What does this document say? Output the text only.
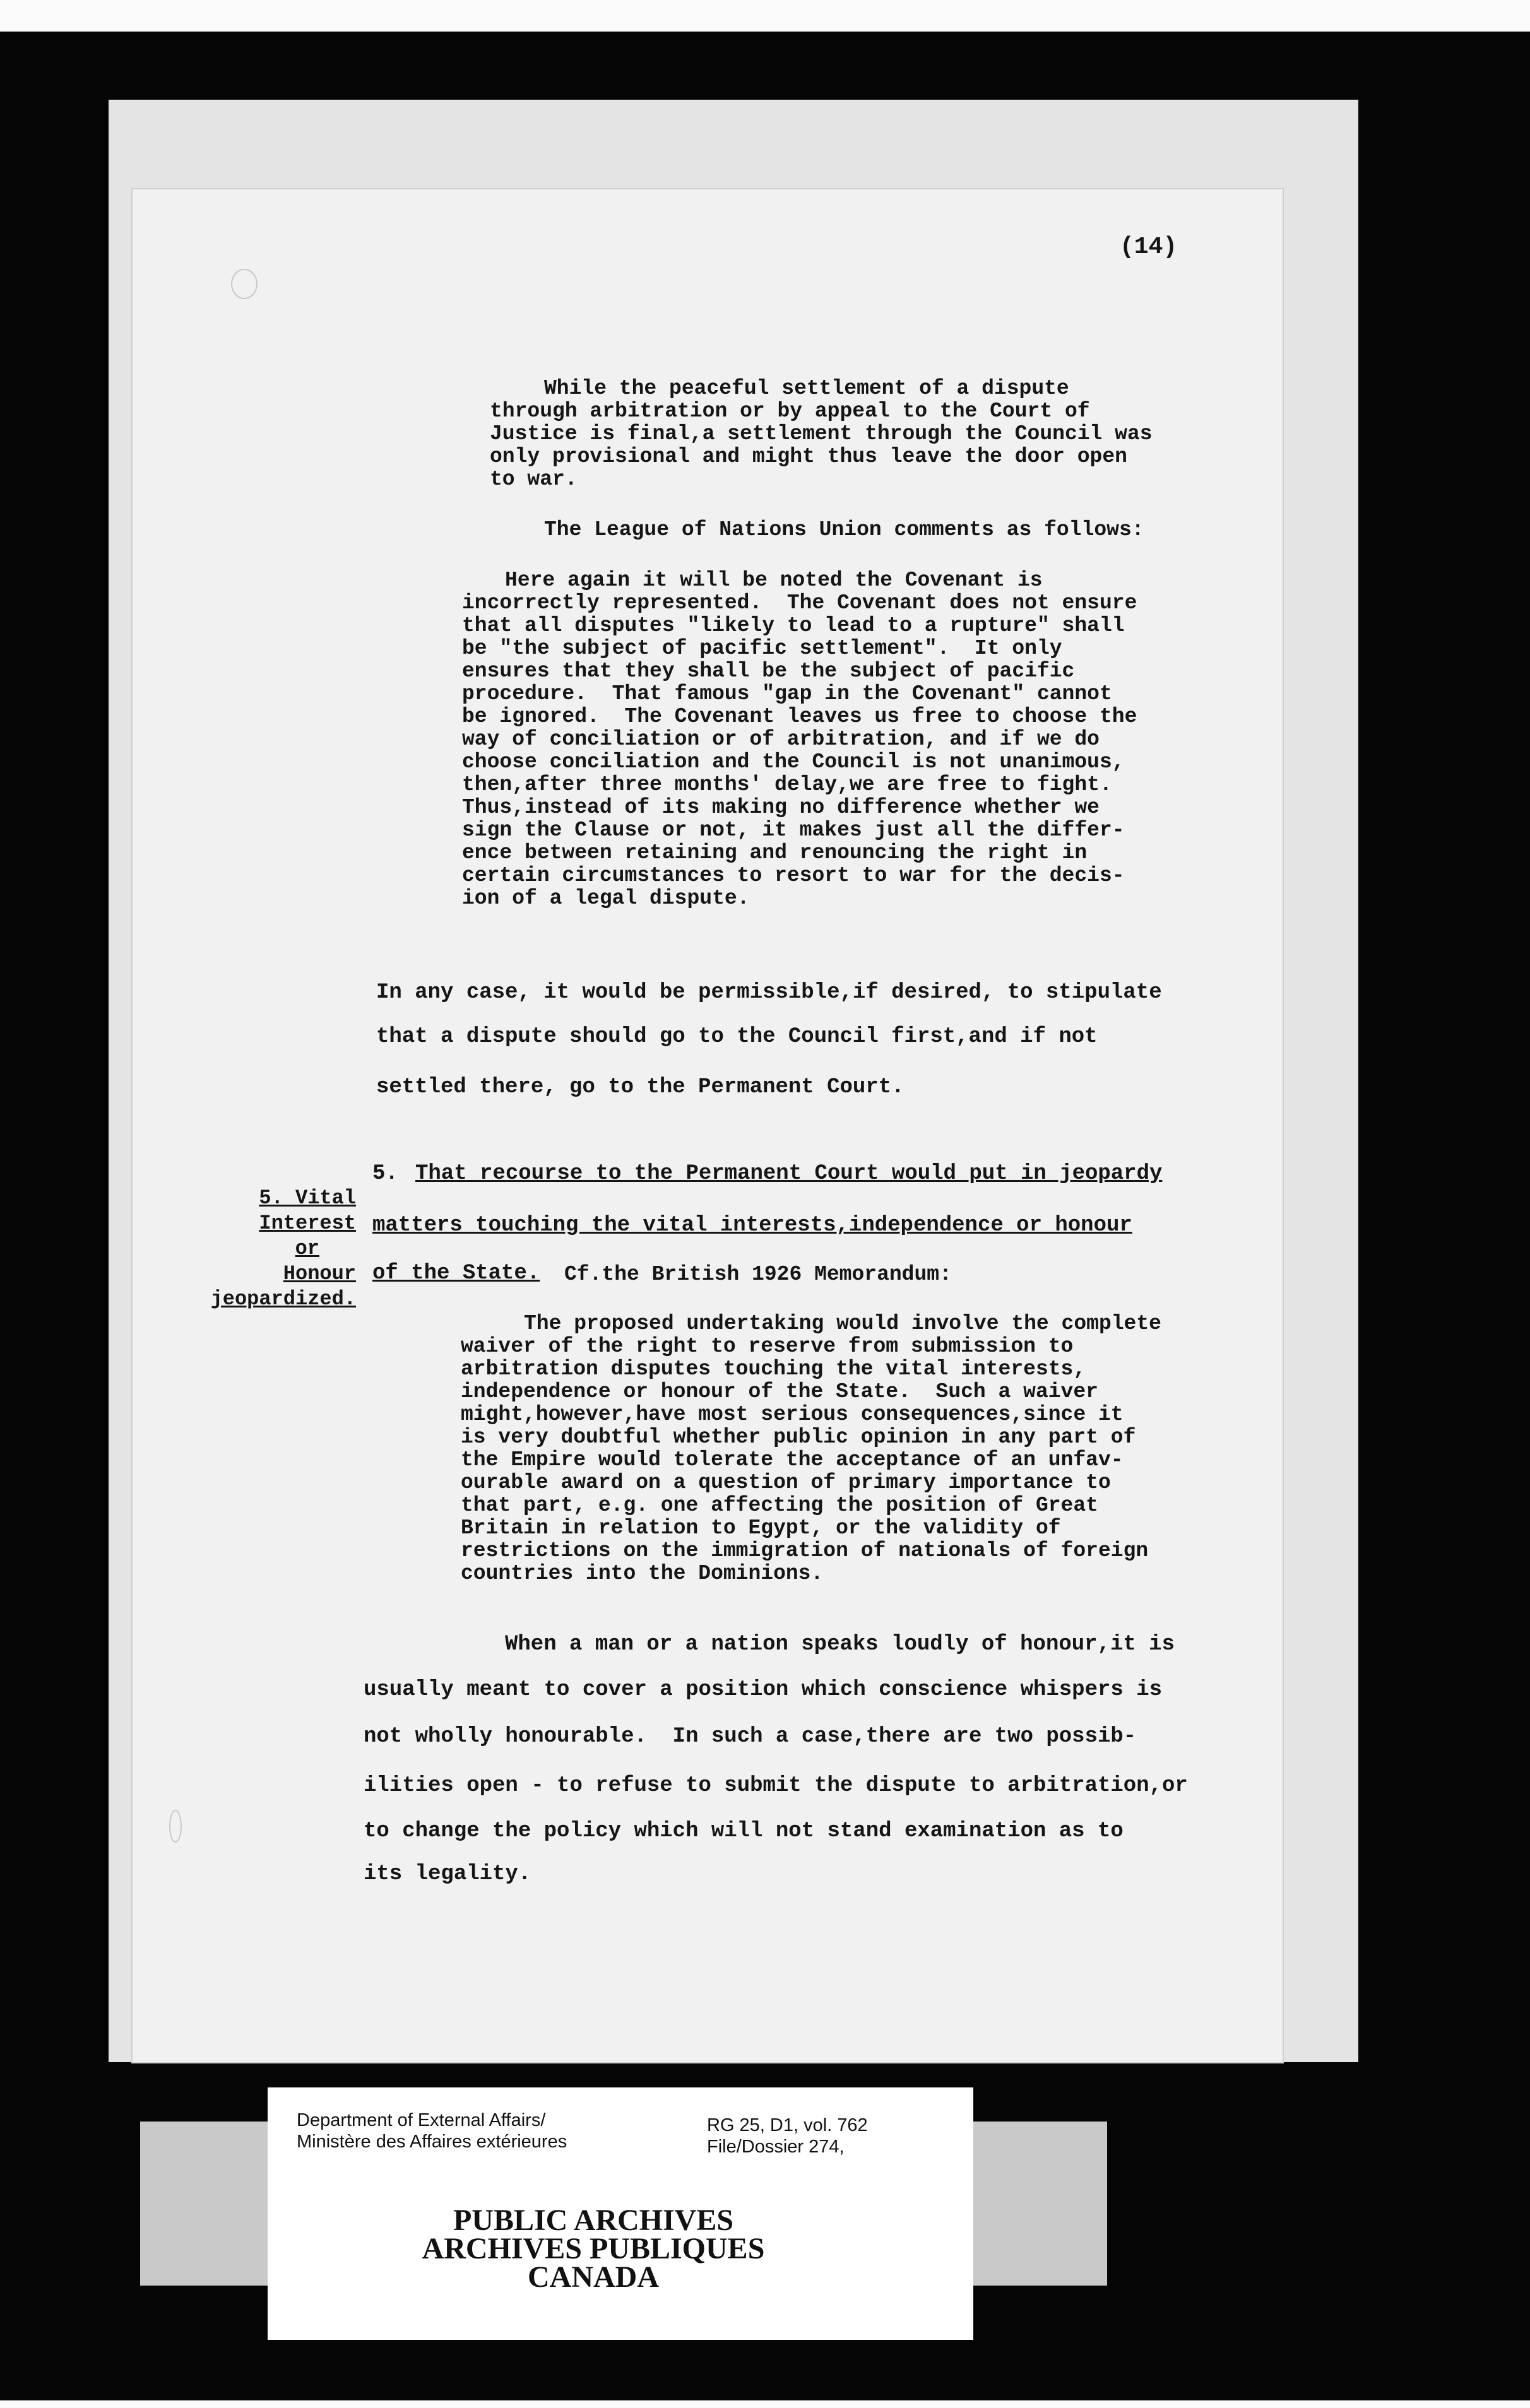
(14)
While the peaceful settlement of a dispute
through arbitration or by appeal to the Court of
Justice is final,a settlement through the Council was
only provisional and might thus leave the door open
to war.
The League of Nations Union comments as follows:
Here again it will be noted the Covenant is
incorrectly represented.  The Covenant does not ensure
that all disputes "likely to lead to a rupture" shall
be "the subject of pacific settlement".  It only
ensures that they shall be the subject of pacific
procedure.  That famous "gap in the Covenant" cannot
be ignored.  The Covenant leaves us free to choose the
way of conciliation or of arbitration, and if we do
choose conciliation and the Council is not unanimous,
then,after three months' delay,we are free to fight.
Thus,instead of its making no difference whether we
sign the Clause or not, it makes just all the differ-
ence between retaining and renouncing the right in
certain circumstances to resort to war for the decis-
ion of a legal dispute.
In any case, it would be permissible,if desired, to stipulate
that a dispute should go to the Council first,and if not
settled there, go to the Permanent Court.
5. Vital
Interest
or
Honour
jeopardized.
5. That recourse to the Permanent Court would put in jeopardy
matters touching the vital interests,independence or honour
of the State. Cf.the British 1926 Memorandum:
The proposed undertaking would involve the complete
waiver of the right to reserve from submission to
arbitration disputes touching the vital interests,
independence or honour of the State.  Such a waiver
might,however,have most serious consequences,since it
is very doubtful whether public opinion in any part of
the Empire would tolerate the acceptance of an unfav-
ourable award on a question of primary importance to
that part, e.g. one affecting the position of Great
Britain in relation to Egypt, or the validity of
restrictions on the immigration of nationals of foreign
countries into the Dominions.
When a man or a nation speaks loudly of honour,it is
usually meant to cover a position which conscience whispers is
not wholly honourable.  In such a case,there are two possib-
ilities open - to refuse to submit the dispute to arbitration,or
to change the policy which will not stand examination as to
its legality.
Department of External Affairs/
Ministère des Affaires extérieures
RG 25, D1, vol. 762
File/Dossier 274,
PUBLIC ARCHIVES
ARCHIVES PUBLIQUES
CANADA
